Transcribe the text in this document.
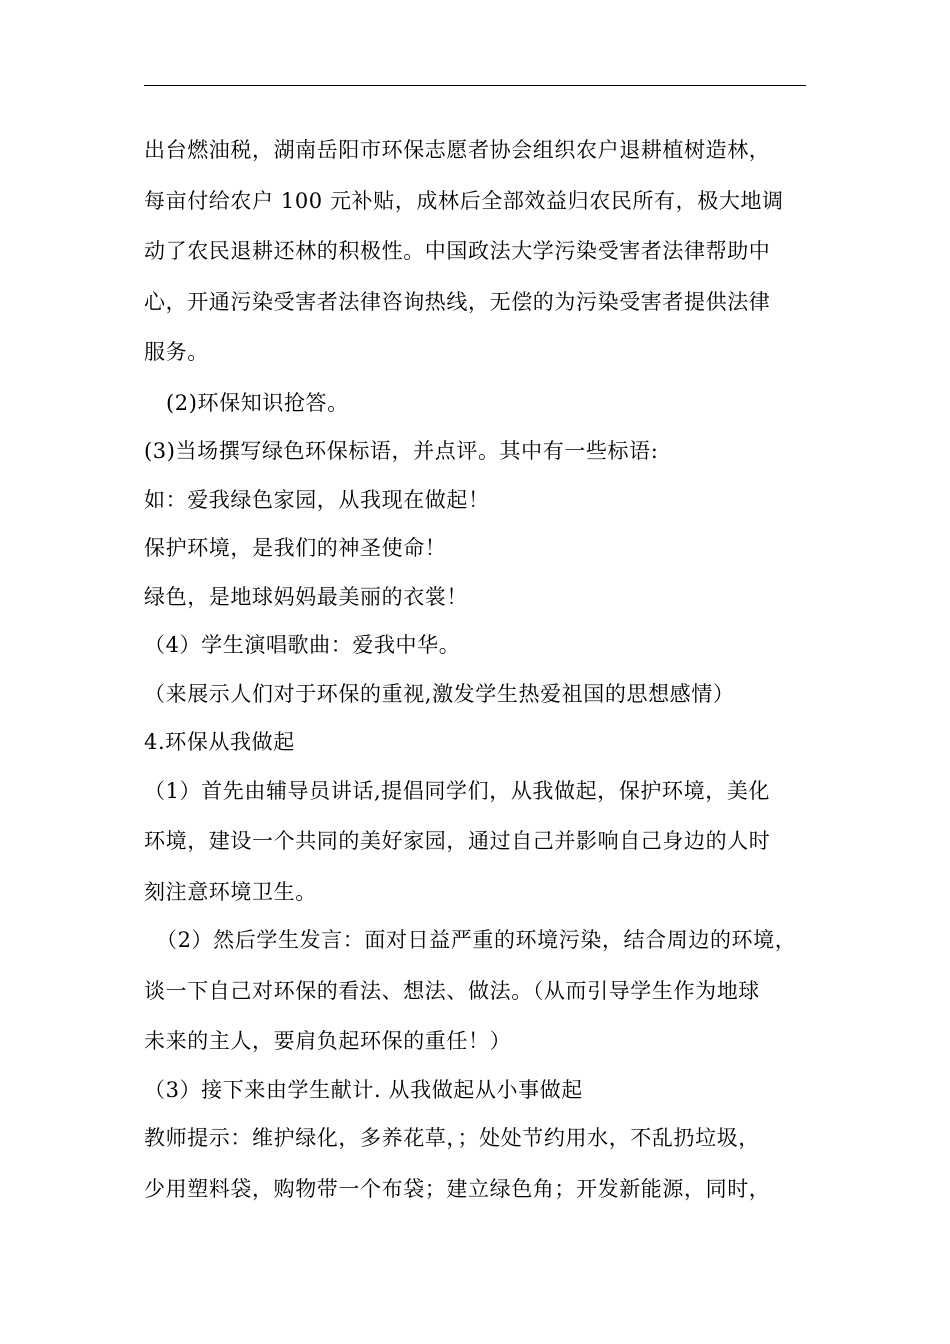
出台燃油税，湖南岳阳市环保志愿者协会组织农户退耕植树造林，
每亩付给农户 100 元补贴，成林后全部效益归农民所有，极大地调
动了农民退耕还林的积极性。中国政法大学污染受害者法律帮助中
心，开通污染受害者法律咨询热线，无偿的为污染受害者提供法律
服务。
(2)环保知识抢答。
(3)当场撰写绿色环保标语，并点评。其中有一些标语:
如：爱我绿色家园，从我现在做起！
保护环境，是我们的神圣使命！
绿色，是地球妈妈最美丽的衣裳！
（4）学生演唱歌曲：爱我中华。
（来展示人们对于环保的重视,激发学生热爱祖国的思想感情）
4.环保从我做起
（1）首先由辅导员讲话,提倡同学们，从我做起，保护环境，美化
环境，建设一个共同的美好家园，通过自己并影响自己身边的人时
刻注意环境卫生。
（2）然后学生发言：面对日益严重的环境污染，结合周边的环境，
谈一下自己对环保的看法、想法、做法。（从而引导学生作为地球
未来的主人，要肩负起环保的重任！）
（3）接下来由学生献计. 从我做起从小事做起
教师提示：维护绿化，多养花草，；处处节约用水，不乱扔垃圾，
少用塑料袋，购物带一个布袋；建立绿色角；开发新能源，同时，
